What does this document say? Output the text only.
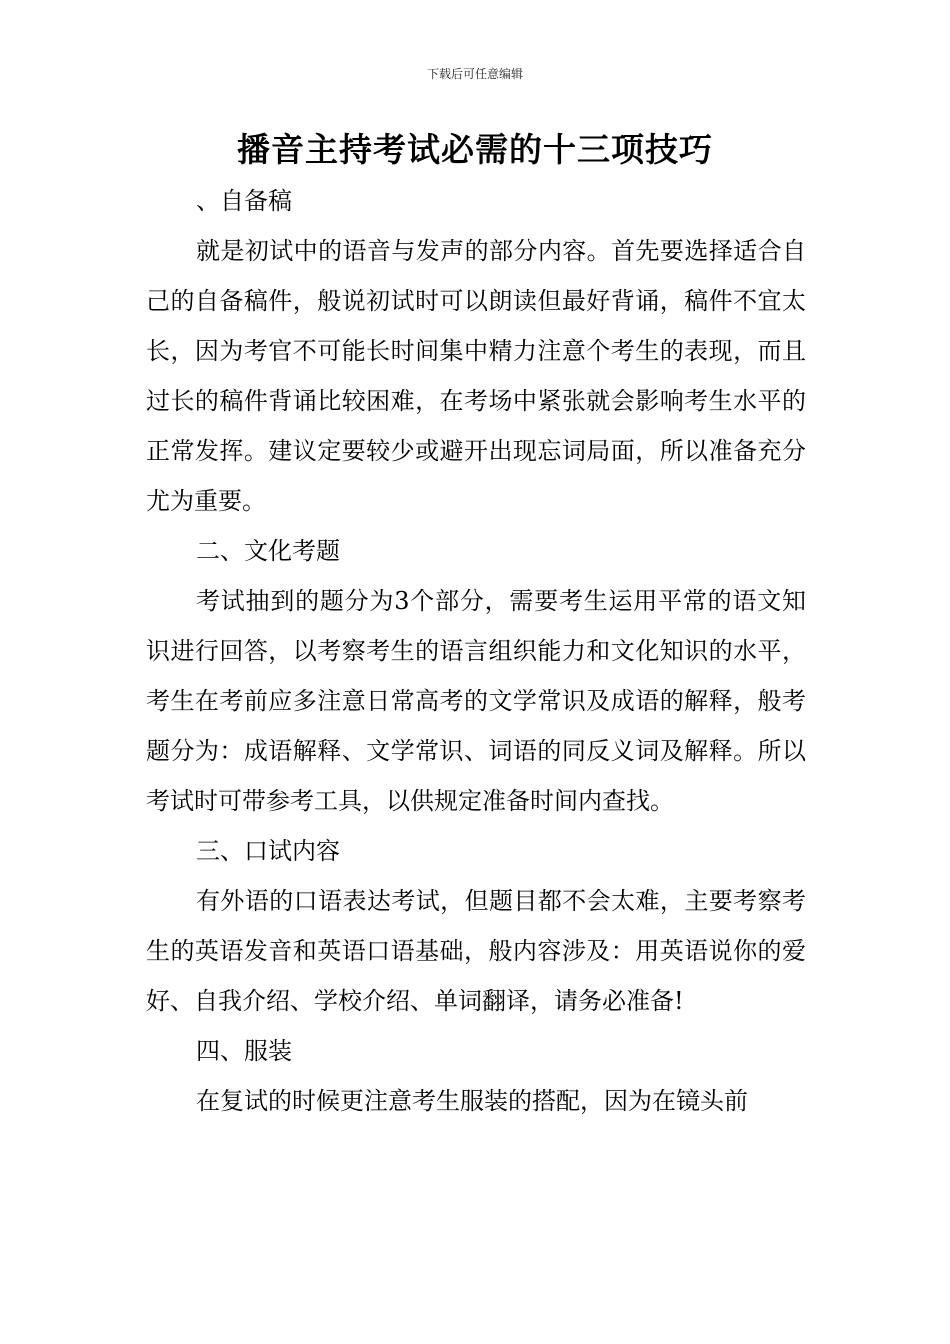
下载后可任意编辑
播音主持考试必需的十三项技巧

、自备稿

就是初试中的语音与发声的部分内容。首先要选择适合自己的自备稿件，般说初试时可以朗读但最好背诵，稿件不宜太长，因为考官不可能长时间集中精力注意个考生的表现，而且过长的稿件背诵比较困难，在考场中紧张就会影响考生水平的正常发挥。建议定要较少或避开出现忘词局面，所以准备充分尤为重要。

二、文化考题

考试抽到的题分为3个部分，需要考生运用平常的语文知识进行回答，以考察考生的语言组织能力和文化知识的水平，考生在考前应多注意日常高考的文学常识及成语的解释，般考题分为：成语解释、文学常识、词语的同反义词及解释。所以考试时可带参考工具，以供规定准备时间内查找。

三、口试内容

有外语的口语表达考试，但题目都不会太难，主要考察考生的英语发音和英语口语基础，般内容涉及：用英语说你的爱好、自我介绍、学校介绍、单词翻译，请务必准备!

四、服装

在复试的时候更注意考生服装的搭配，因为在镜头前
